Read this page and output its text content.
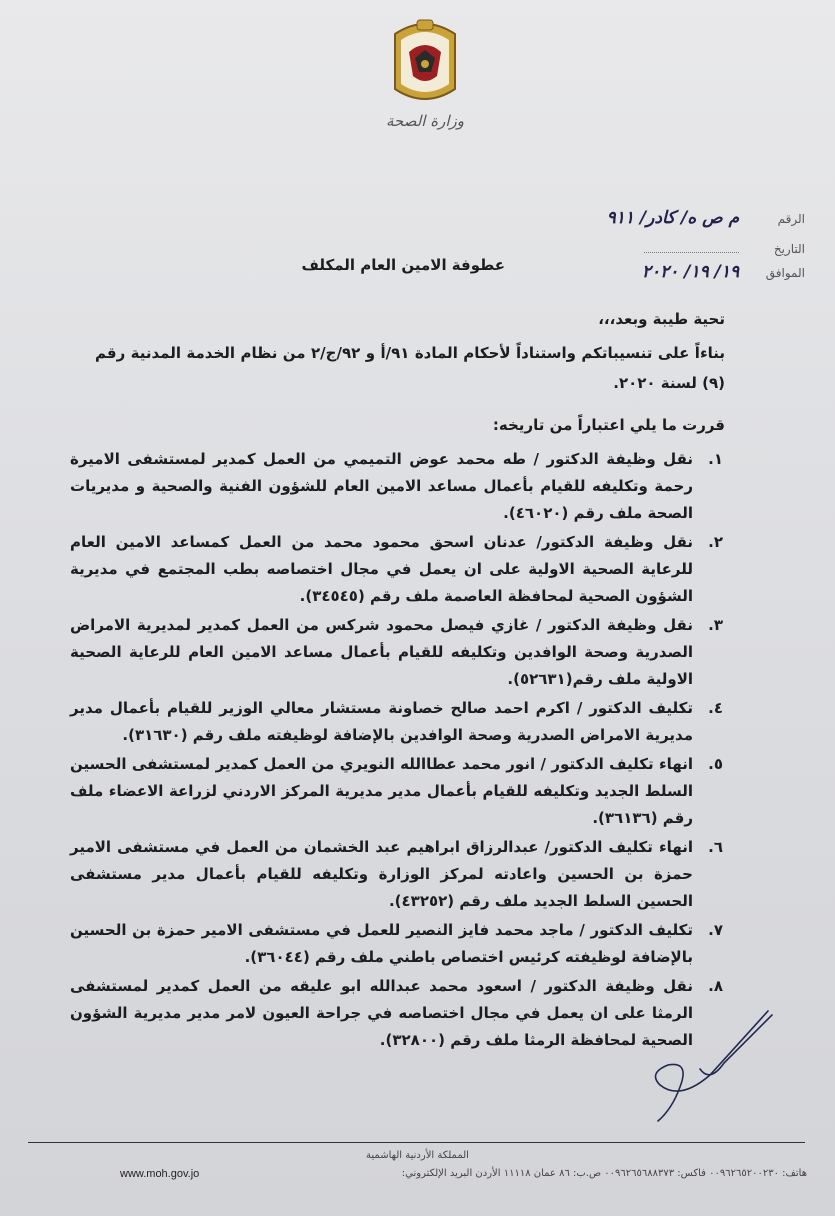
وزارة الصحة
الرقم م ص ه/ كادر/ ٩١١
التاريخ
الموافق ١٩/ ١٩/ ٢٠٢٠
عطوفة الامين العام المكلف
تحية طيبة وبعد،،،
بناءاً على تنسيباتكم واستناداً لأحكام المادة ٩١/أ و ٩٢/ج/٢ من نظام الخدمة المدنية رقم (٩) لسنة ٢٠٢٠.
قررت ما يلي اعتباراً من تاريخه:
١.
نقل وظيفة الدكتور / طه محمد عوض التميمي من العمل كمدير لمستشفى الاميرة رحمة وتكليفه للقيام بأعمال مساعد الامين العام للشؤون الفنية والصحية و مديريات الصحة ملف رقم (٤٦٠٢٠).
٢.
نقل وظيفة الدكتور/ عدنان اسحق محمود محمد من العمل كمساعد الامين العام للرعاية الصحية الاولية على ان يعمل في مجال اختصاصه بطب المجتمع في مديرية الشؤون الصحية لمحافظة العاصمة ملف رقم (٣٤٥٤٥).
٣.
نقل وظيفة الدكتور / غازي فيصل محمود شركس من العمل كمدير لمديرية الامراض الصدرية وصحة الوافدين وتكليفه للقيام بأعمال مساعد الامين العام للرعاية الصحية الاولية ملف رقم(٥٢٦٣١).
٤.
تكليف الدكتور / اكرم احمد صالح خصاونة مستشار معالي الوزير للقيام بأعمال مدير مديرية الامراض الصدرية وصحة الوافدين بالإضافة لوظيفته ملف رقم (٣١٦٣٠).
٥.
انهاء تكليف الدكتور / انور محمد عطاالله النويري من العمل كمدير لمستشفى الحسين السلط الجديد وتكليفه للقيام بأعمال مدير مديرية المركز الاردني لزراعة الاعضاء ملف رقم (٣٦١٣٦).
٦.
انهاء تكليف الدكتور/ عبدالرزاق ابراهيم عبد الخشمان من العمل في مستشفى الامير حمزة بن الحسين واعادته لمركز الوزارة وتكليفه للقيام بأعمال مدير مستشفى الحسين السلط الجديد ملف رقم (٤٣٢٥٢).
٧.
تكليف الدكتور / ماجد محمد فايز النصير للعمل في مستشفى الامير حمزة بن الحسين بالإضافة لوظيفته كرئيس اختصاص باطني ملف رقم (٣٦٠٤٤).
٨.
نقل وظيفة الدكتور / اسعود محمد عبدالله ابو عليقه من العمل كمدير لمستشفى الرمثا على ان يعمل في مجال اختصاصه في جراحة العيون لامر مدير مديرية الشؤون الصحية لمحافظة الرمثا ملف رقم (٣٢٨٠٠).
المملكة الأردنية الهاشمية
هاتف: ٠٠٩٦٢٦٥٢٠٠٢٣٠ فاكس: ٠٠٩٦٢٦٥٦٨٨٣٧٣ ص.ب: ٨٦ عمان ١١١١٨ الأردن البريد الإلكتروني:
www.moh.gov.jo
